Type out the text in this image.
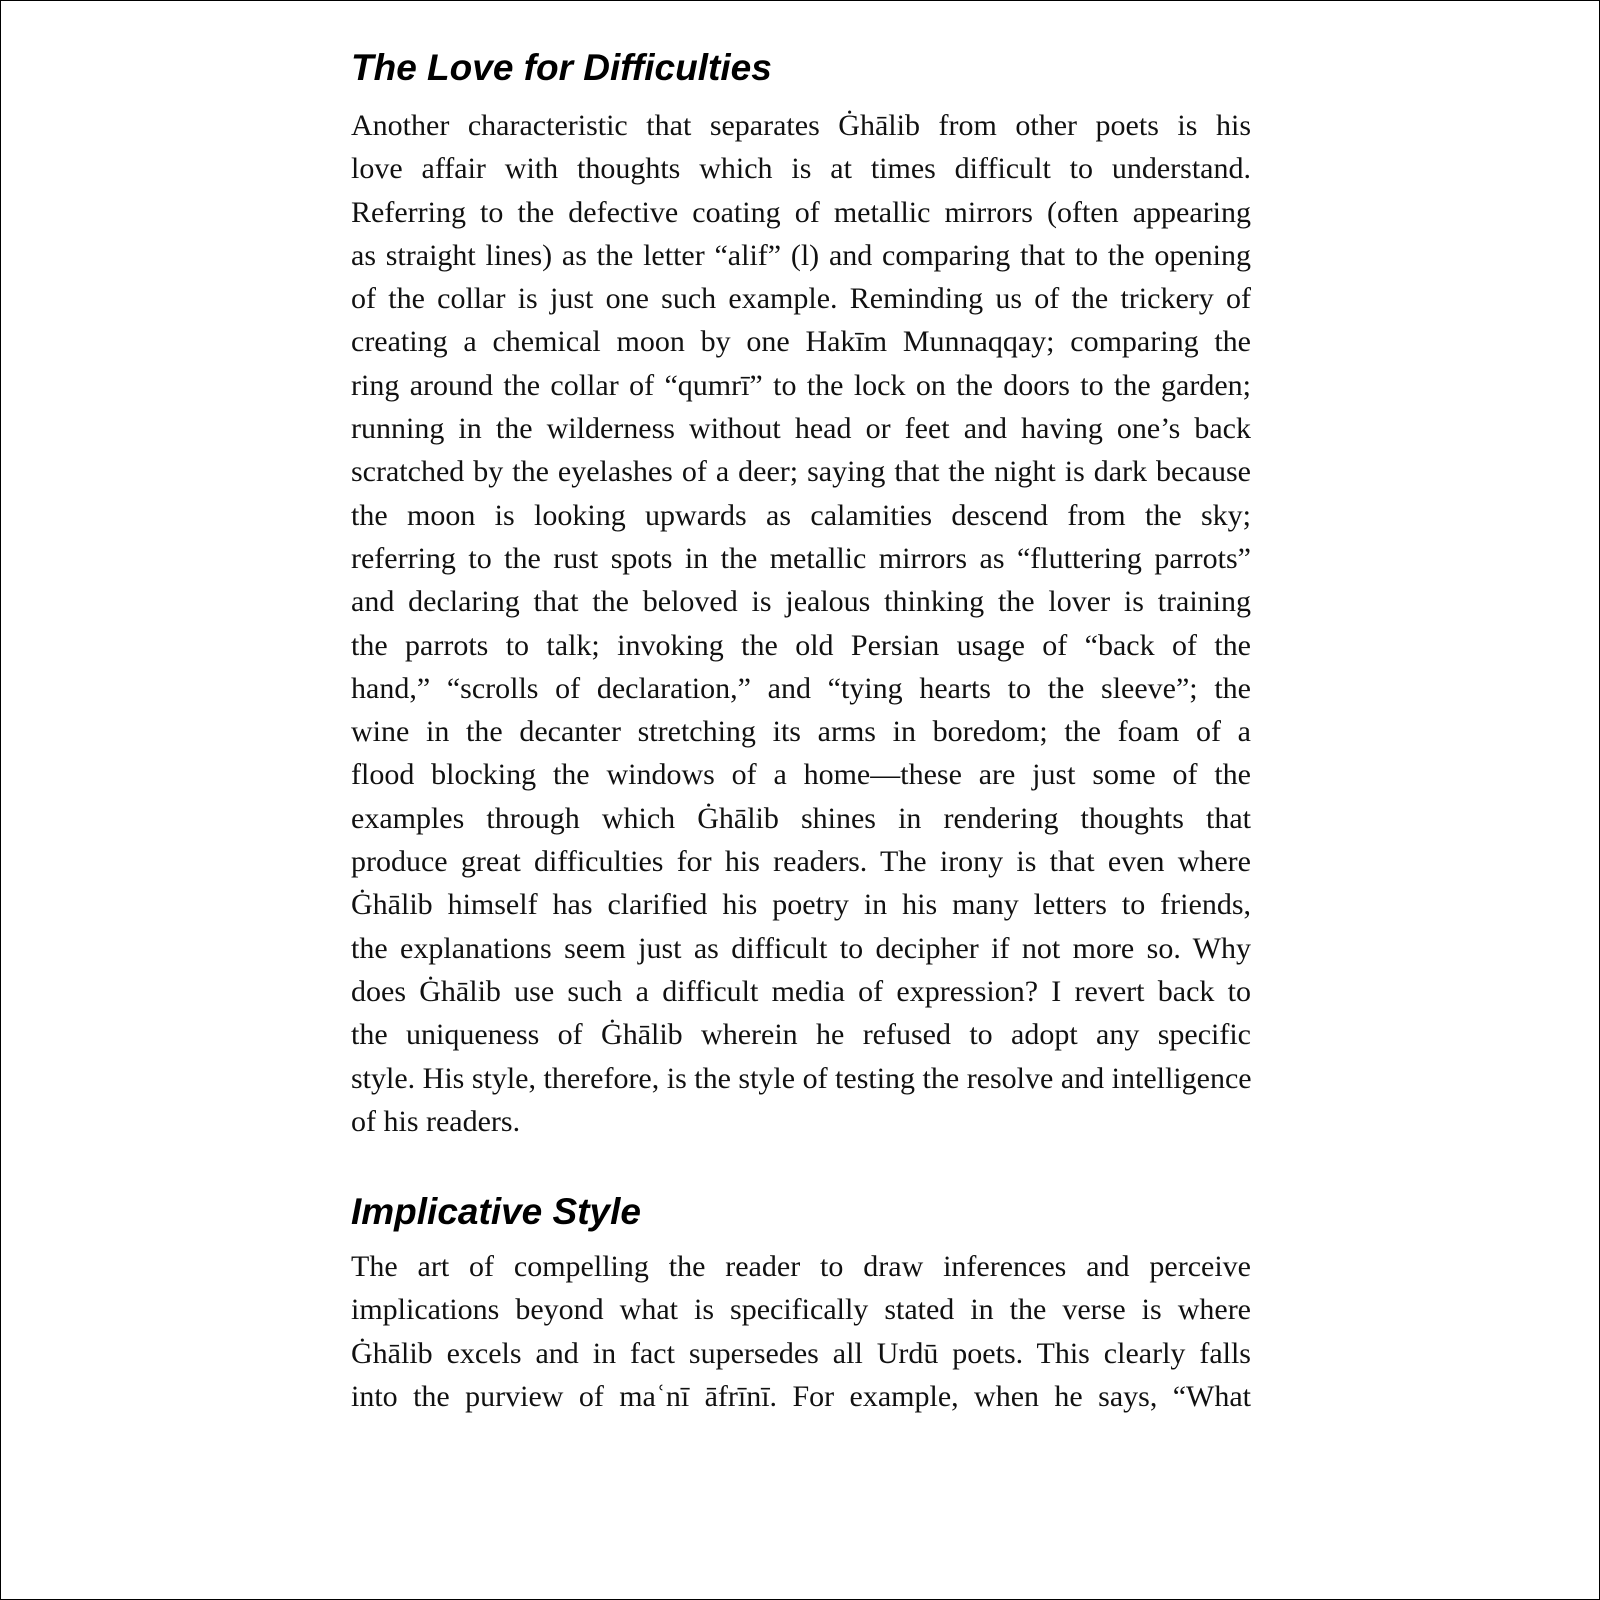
The Love for Difficulties
Another characteristic that separates Ġhālib from other poets is his
love affair with thoughts which is at times difficult to understand.
Referring to the defective coating of metallic mirrors (often appearing
as straight lines) as the letter “alif” (l) and comparing that to the opening
of the collar is just one such example. Reminding us of the trickery of
creating a chemical moon by one Hakīm Munnaqqay; comparing the
ring around the collar of “qumrī” to the lock on the doors to the garden;
running in the wilderness without head or feet and having one’s back
scratched by the eyelashes of a deer; saying that the night is dark because
the moon is looking upwards as calamities descend from the sky;
referring to the rust spots in the metallic mirrors as “fluttering parrots”
and declaring that the beloved is jealous thinking the lover is training
the parrots to talk; invoking the old Persian usage of “back of the
hand,” “scrolls of declaration,” and “tying hearts to the sleeve”; the
wine in the decanter stretching its arms in boredom; the foam of a
flood blocking the windows of a home—these are just some of the
examples through which Ġhālib shines in rendering thoughts that
produce great difficulties for his readers. The irony is that even where
Ġhālib himself has clarified his poetry in his many letters to friends,
the explanations seem just as difficult to decipher if not more so. Why
does Ġhālib use such a difficult media of expression? I revert back to
the uniqueness of Ġhālib wherein he refused to adopt any specific
style. His style, therefore, is the style of testing the resolve and intelligence
of his readers.
Implicative Style
The art of compelling the reader to draw inferences and perceive
implications beyond what is specifically stated in the verse is where
Ġhālib excels and in fact supersedes all Urdū poets. This clearly falls
into the purview of maʿnī āfrīnī. For example, when he says, “What
